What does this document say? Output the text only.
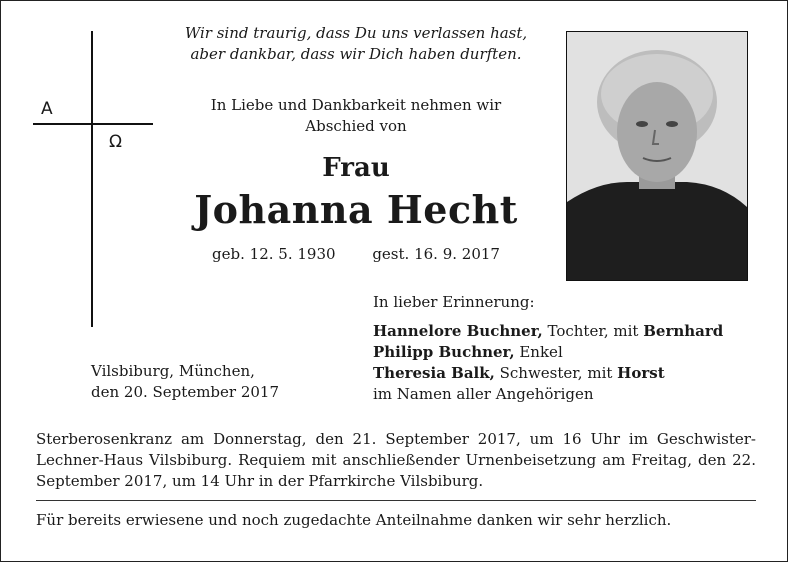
A
Ω
Wir sind traurig, dass Du uns verlassen hast,
aber dankbar, dass wir Dich haben durften.
In Liebe und Dankbarkeit nehmen wir
Abschied von
Frau
Johanna Hecht
geb. 12. 5. 1930 gest. 16. 9. 2017
Vilsbiburg, München,
den 20. September 2017
In lieber Erinnerung:
Hannelore Buchner, Tochter, mit Bernhard
Philipp Buchner, Enkel
Theresia Balk, Schwester, mit Horst
im Namen aller Angehörigen
Sterberosenkranz am Donnerstag, den 21. September 2017, um 16 Uhr im Geschwister-Lechner-Haus Vilsbiburg. Requiem mit anschließender Urnenbeisetzung am Freitag, den 22. September 2017, um 14 Uhr in der Pfarrkirche Vilsbiburg.
Für bereits erwiesene und noch zugedachte Anteilnahme danken wir sehr herzlich.
